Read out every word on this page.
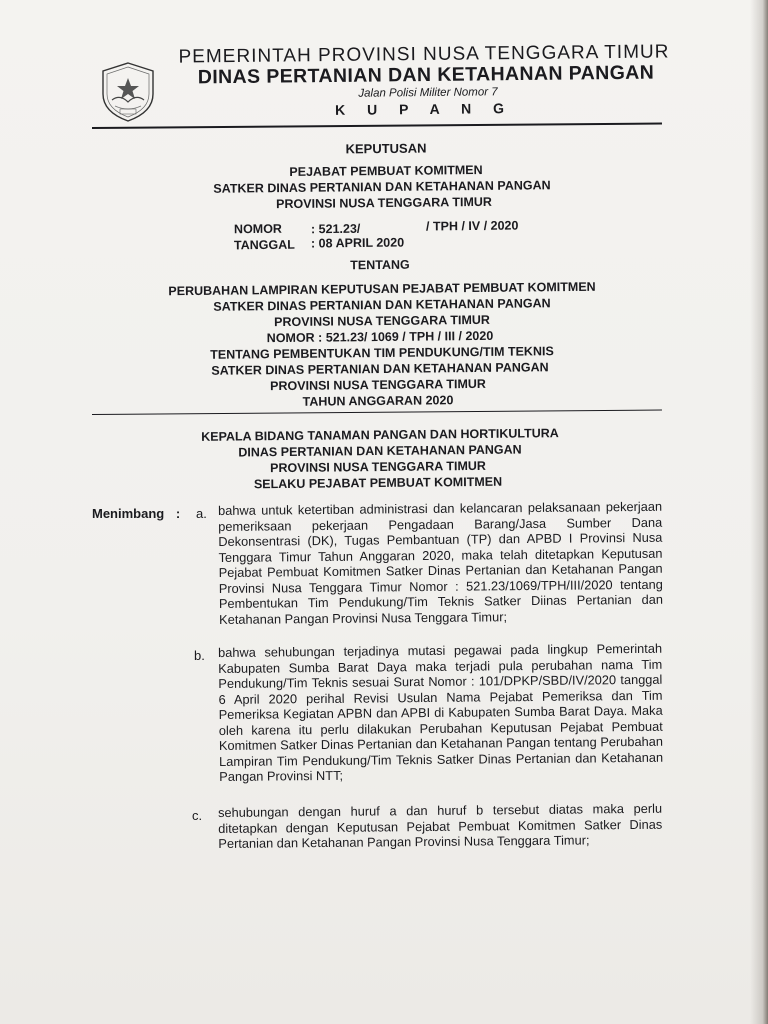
PEMERINTAH PROVINSI NUSA TENGGARA TIMUR
DINAS PERTANIAN DAN KETAHANAN PANGAN
Jalan Polisi Militer Nomor 7
K U P A N G
KEPUTUSAN
PEJABAT PEMBUAT KOMITMEN
SATKER DINAS PERTANIAN DAN KETAHANAN PANGAN
PROVINSI NUSA TENGGARA TIMUR
NOMOR : 521.23/	/ TPH / IV / 2020
TANGGAL : 08 APRIL 2020
TENTANG
PERUBAHAN LAMPIRAN KEPUTUSAN PEJABAT PEMBUAT KOMITMEN
SATKER DINAS PERTANIAN DAN KETAHANAN PANGAN
PROVINSI NUSA TENGGARA TIMUR
NOMOR : 521.23/ 1069 / TPH / III / 2020
TENTANG PEMBENTUKAN TIM PENDUKUNG/TIM TEKNIS
SATKER DINAS PERTANIAN DAN KETAHANAN PANGAN
PROVINSI NUSA TENGGARA TIMUR
TAHUN ANGGARAN 2020
KEPALA BIDANG TANAMAN PANGAN DAN HORTIKULTURA
DINAS PERTANIAN DAN KETAHANAN PANGAN
PROVINSI NUSA TENGGARA TIMUR
SELAKU PEJABAT PEMBUAT KOMITMEN
Menimbang : a. bahwa untuk ketertiban administrasi dan kelancaran pelaksanaan pekerjaan pemeriksaan pekerjaan Pengadaan Barang/Jasa Sumber Dana Dekonsentrasi (DK), Tugas Pembantuan (TP) dan APBD I Provinsi Nusa Tenggara Timur Tahun Anggaran 2020, maka telah ditetapkan Keputusan Pejabat Pembuat Komitmen Satker Dinas Pertanian dan Ketahanan Pangan Provinsi Nusa Tenggara Timur Nomor : 521.23/1069/TPH/III/2020 tentang Pembentukan Tim Pendukung/Tim Teknis Satker Diinas Pertanian dan Ketahanan Pangan Provinsi Nusa Tenggara Timur;
b. bahwa sehubungan terjadinya mutasi pegawai pada lingkup Pemerintah Kabupaten Sumba Barat Daya maka terjadi pula perubahan nama Tim Pendukung/Tim Teknis sesuai Surat Nomor : 101/DPKP/SBD/IV/2020 tanggal 6 April 2020 perihal Revisi Usulan Nama Pejabat Pemeriksa dan Tim Pemeriksa Kegiatan APBN dan APBI di Kabupaten Sumba Barat Daya. Maka oleh karena itu perlu dilakukan Perubahan Keputusan Pejabat Pembuat Komitmen Satker Dinas Pertanian dan Ketahanan Pangan tentang Perubahan Lampiran Tim Pendukung/Tim Teknis Satker Dinas Pertanian dan Ketahanan Pangan Provinsi NTT;
c. sehubungan dengan huruf a dan huruf b tersebut diatas maka perlu ditetapkan dengan Keputusan Pejabat Pembuat Komitmen Satker Dinas Pertanian dan Ketahanan Pangan Provinsi Nusa Tenggara Timur;
